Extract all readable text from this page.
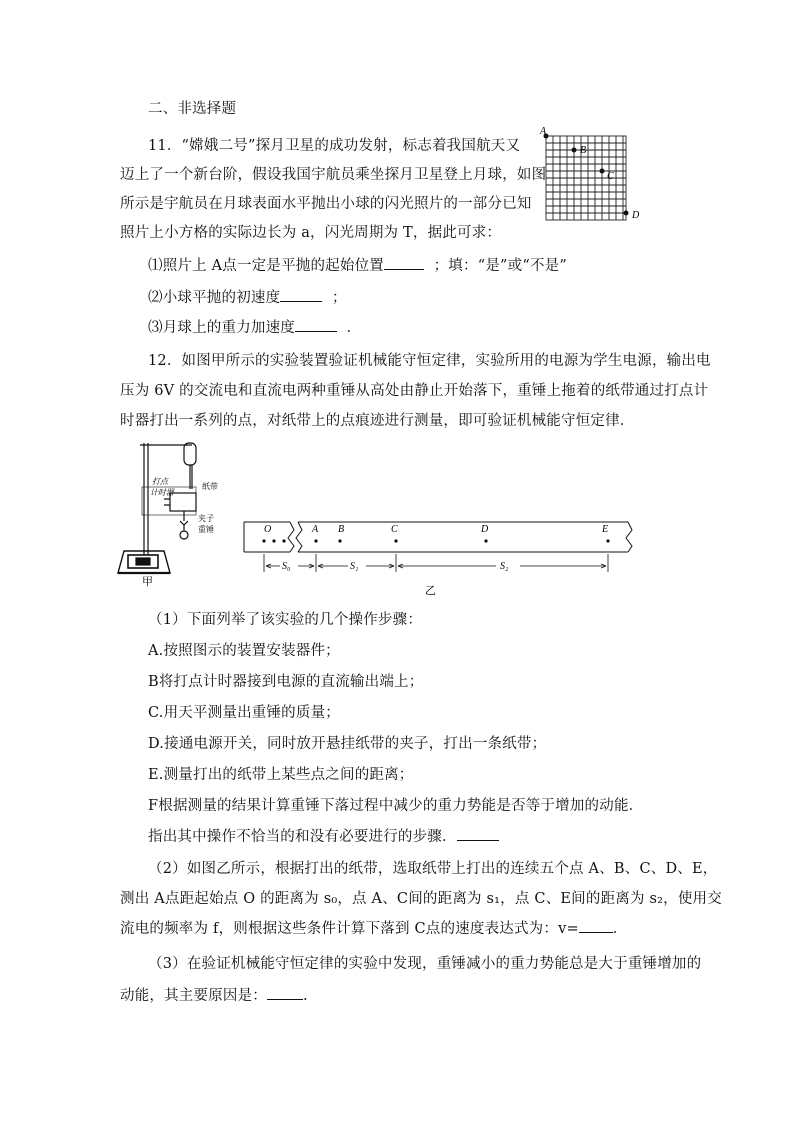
二、非选择题
11．“嫦娥二号”探月卫星的成功发射，标志着我国航天又
迈上了一个新台阶，假设我国宇航员乘坐探月卫星登上月球，如图
所示是宇航员在月球表面水平抛出小球的闪光照片的一部分已知
照片上小方格的实际边长为 a，闪光周期为 T，据此可求：
⑴照片上 A点一定是平抛的起始位置	；填：“是”或“不是”
⑵小球平抛的初速度	；
⑶月球上的重力加速度	．
A
B
C
D
12．如图甲所示的实验装置验证机械能守恒定律，实验所用的电源为学生电源，输出电
压为 6V 的交流电和直流电两种重锤从高处由静止开始落下，重锤上拖着的纸带通过打点计
时器打出一系列的点，对纸带上的点痕迹进行测量，即可验证机械能守恒定律．
打点
计时器
纸带
夹子
重锤
甲
O	A B	C	D	E
S₀	S₁	S₂
乙
（1）下面列举了该实验的几个操作步骤：
A.按照图示的装置安装器件；
B将打点计时器接到电源的直流输出端上；
C.用天平测量出重锤的质量；
D.接通电源开关，同时放开悬挂纸带的夹子，打出一条纸带；
E.测量打出的纸带上某些点之间的距离；
F根据测量的结果计算重锤下落过程中减少的重力势能是否等于增加的动能．
指出其中操作不恰当的和没有必要进行的步骤．
（2）如图乙所示，根据打出的纸带，选取纸带上打出的连续五个点 A、B、C、D、E，
测出 A点距起始点 O 的距离为 s₀，点 A、C间的距离为 s₁，点 C、E间的距离为 s₂，使用交
流电的频率为 f，则根据这些条件计算下落到 C点的速度表达式为：v= ．
（3）在验证机械能守恒定律的实验中发现，重锤减小的重力势能总是大于重锤增加的
动能，其主要原因是： .
